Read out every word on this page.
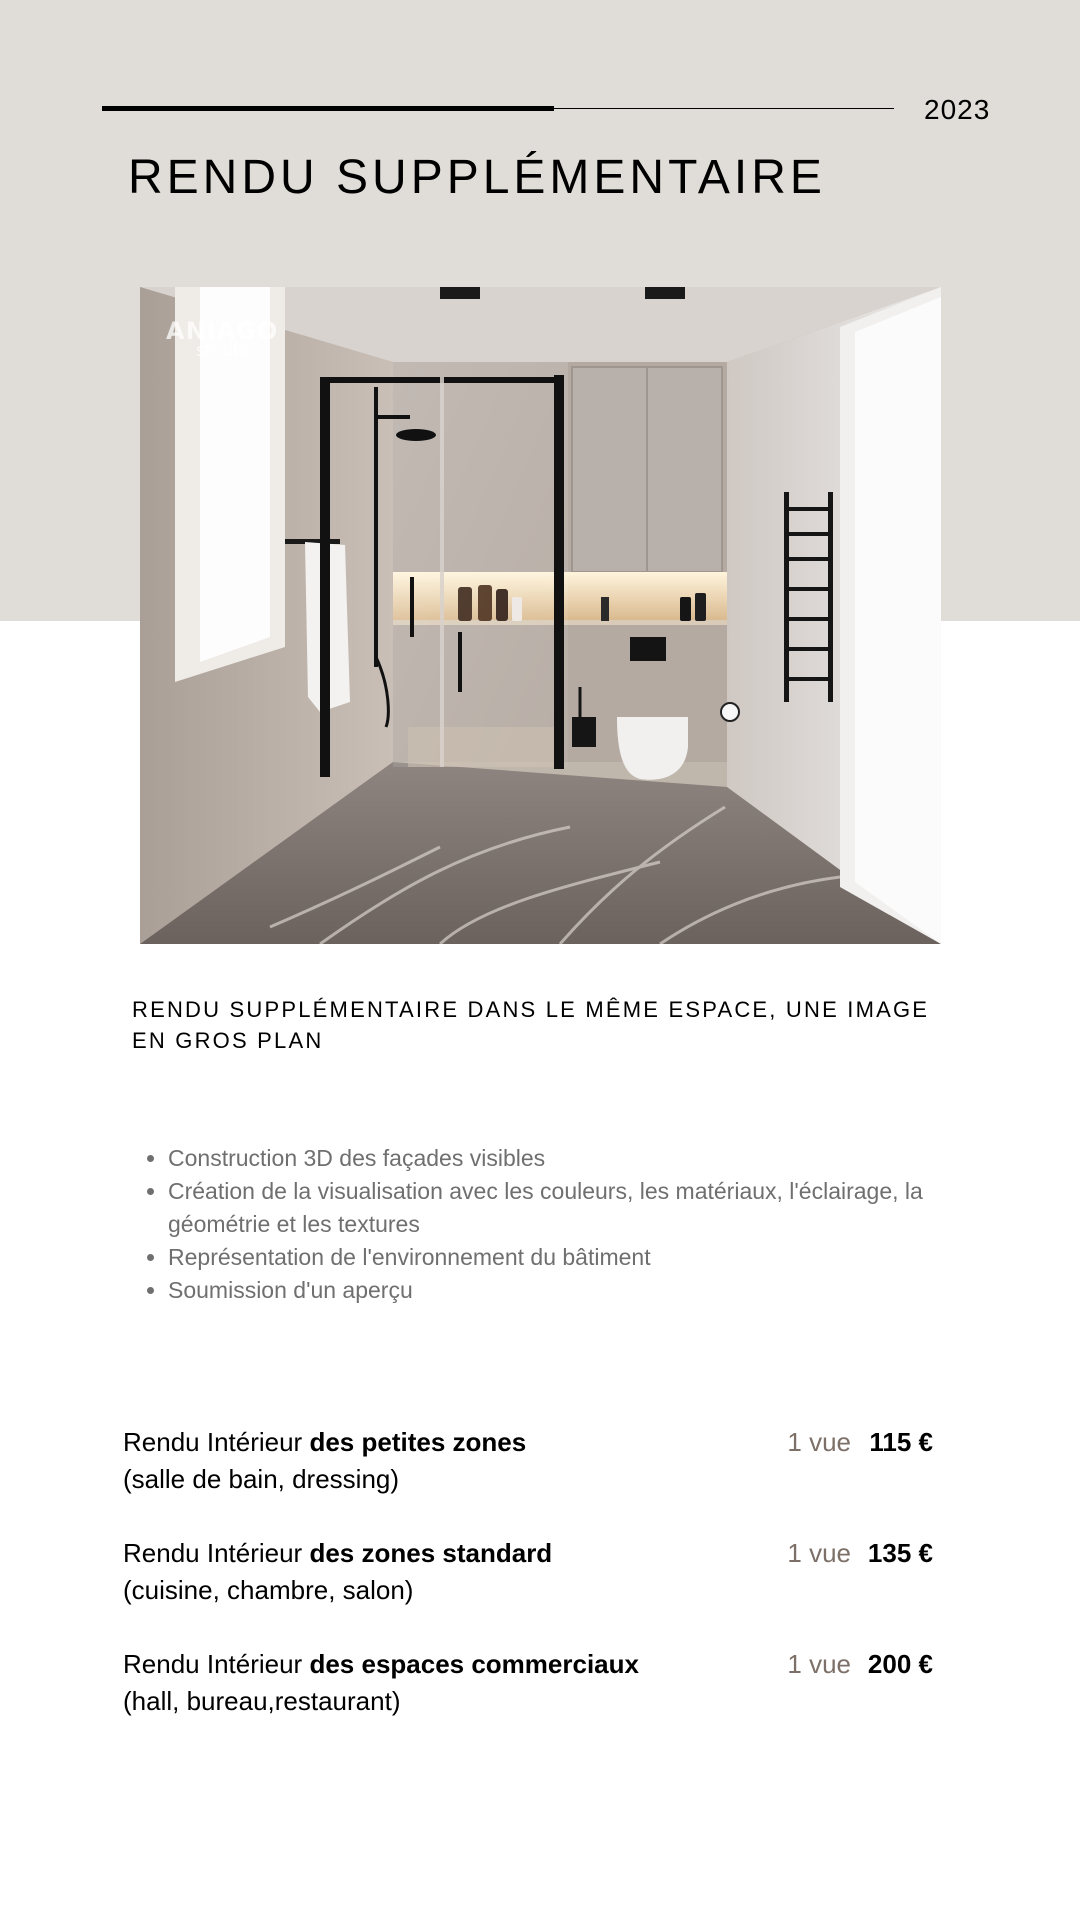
2023
RENDU SUPPLÉMENTAIRE
ANIAGO
studio
RENDU SUPPLÉMENTAIRE DANS LE MÊME ESPACE, UNE IMAGE EN GROS PLAN
• Construction 3D des façades visibles
• Création de la visualisation avec les couleurs, les matériaux, l'éclairage, la géométrie et les textures
• Représentation de l'environnement du bâtiment
• Soumission d'un aperçu
Rendu Intérieur des petites zones
(salle de bain, dressing)
1 vue 115 €
Rendu Intérieur des zones standard
(cuisine, chambre, salon)
1 vue 135 €
Rendu Intérieur des espaces commerciaux
(hall, bureau,restaurant)
1 vue 200 €
